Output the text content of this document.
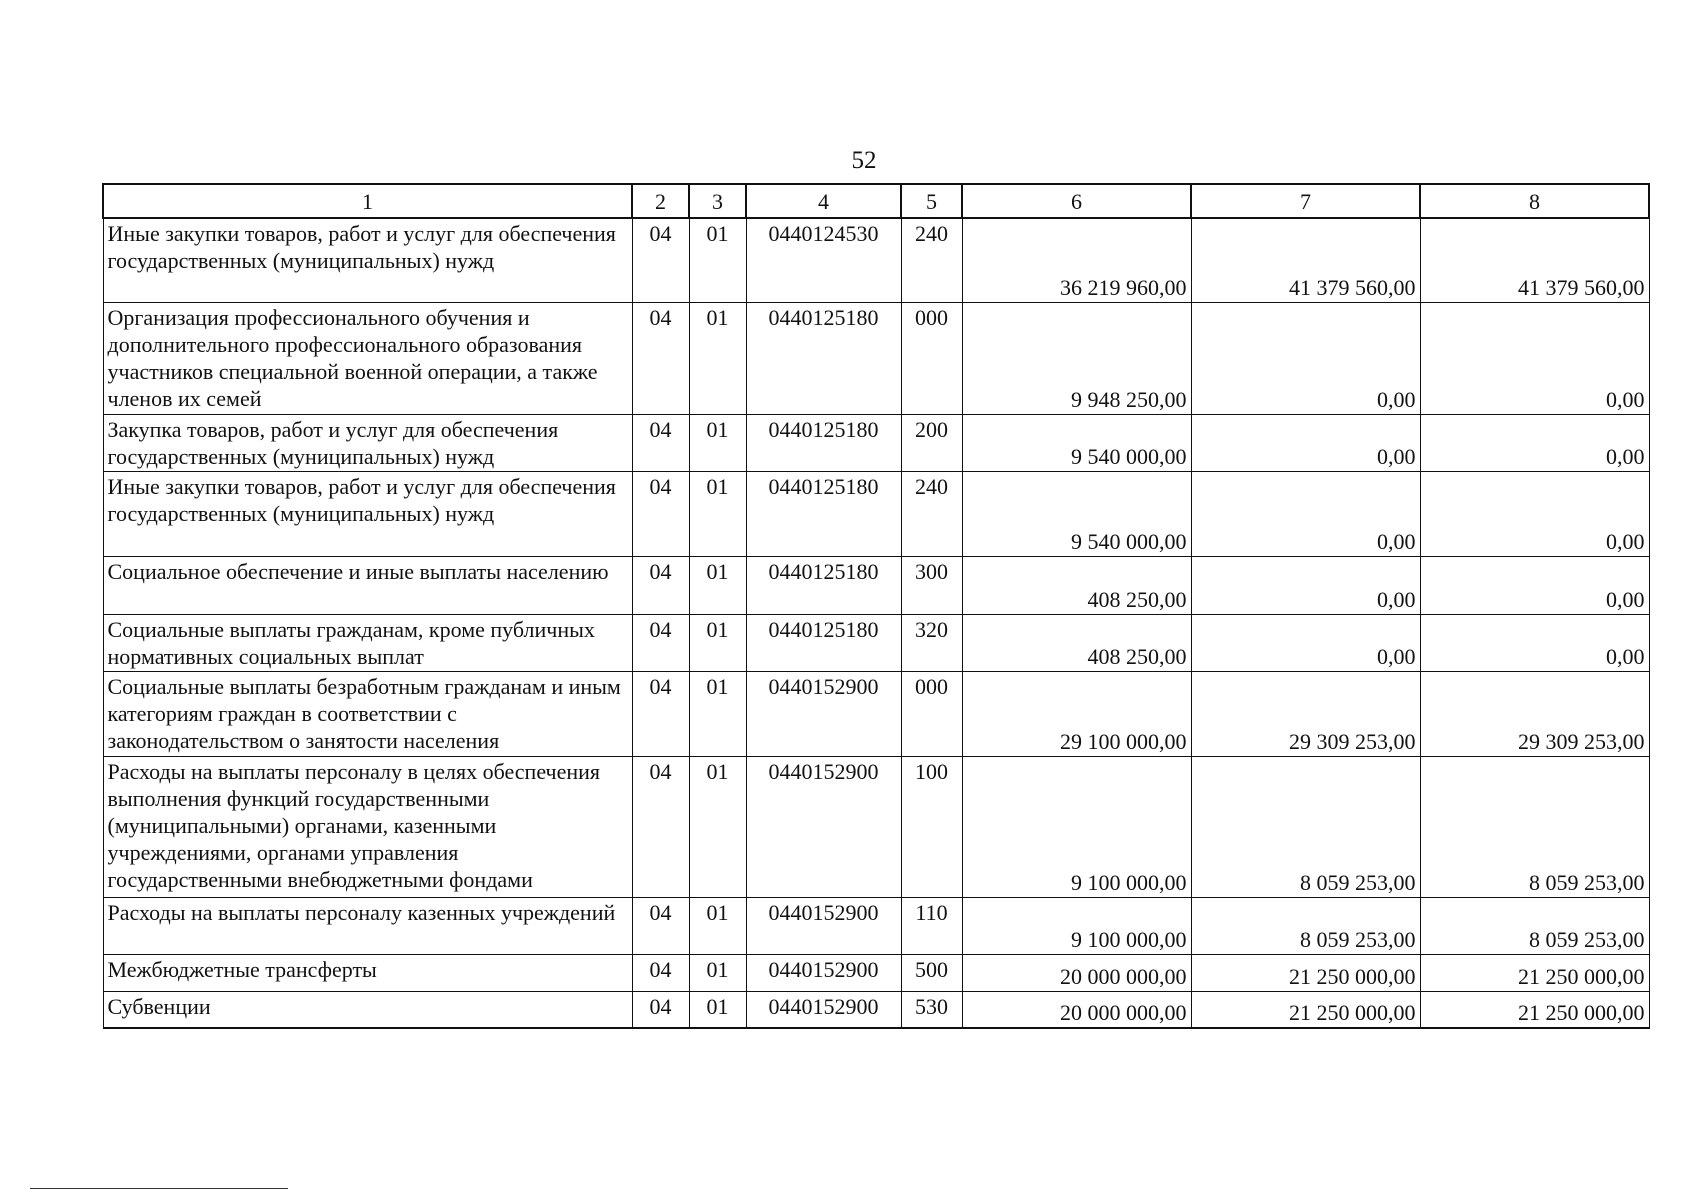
52
1	2	3	4	5	6	7	8
Иные закупки товаров, работ и услуг для обеспечения государственных (муниципальных) нужд	04	01	0440124530	240	36 219 960,00	41 379 560,00	41 379 560,00
Организация профессионального обучения и дополнительного профессионального образования участников специальной военной операции, а также членов их семей	04	01	0440125180	000	9 948 250,00	0,00	0,00
Закупка товаров, работ и услуг для обеспечения государственных (муниципальных) нужд	04	01	0440125180	200	9 540 000,00	0,00	0,00
Иные закупки товаров, работ и услуг для обеспечения государственных (муниципальных) нужд	04	01	0440125180	240	9 540 000,00	0,00	0,00
Социальное обеспечение и иные выплаты населению	04	01	0440125180	300	408 250,00	0,00	0,00
Социальные выплаты гражданам, кроме публичных нормативных социальных выплат	04	01	0440125180	320	408 250,00	0,00	0,00
Социальные выплаты безработным гражданам и иным категориям граждан в соответствии с законодательством о занятости населения	04	01	0440152900	000	29 100 000,00	29 309 253,00	29 309 253,00
Расходы на выплаты персоналу в целях обеспечения выполнения функций государственными (муниципальными) органами, казенными учреждениями, органами управления государственными внебюджетными фондами	04	01	0440152900	100	9 100 000,00	8 059 253,00	8 059 253,00
Расходы на выплаты персоналу казенных учреждений	04	01	0440152900	110	9 100 000,00	8 059 253,00	8 059 253,00
Межбюджетные трансферты	04	01	0440152900	500	20 000 000,00	21 250 000,00	21 250 000,00
Субвенции	04	01	0440152900	530	20 000 000,00	21 250 000,00	21 250 000,00
